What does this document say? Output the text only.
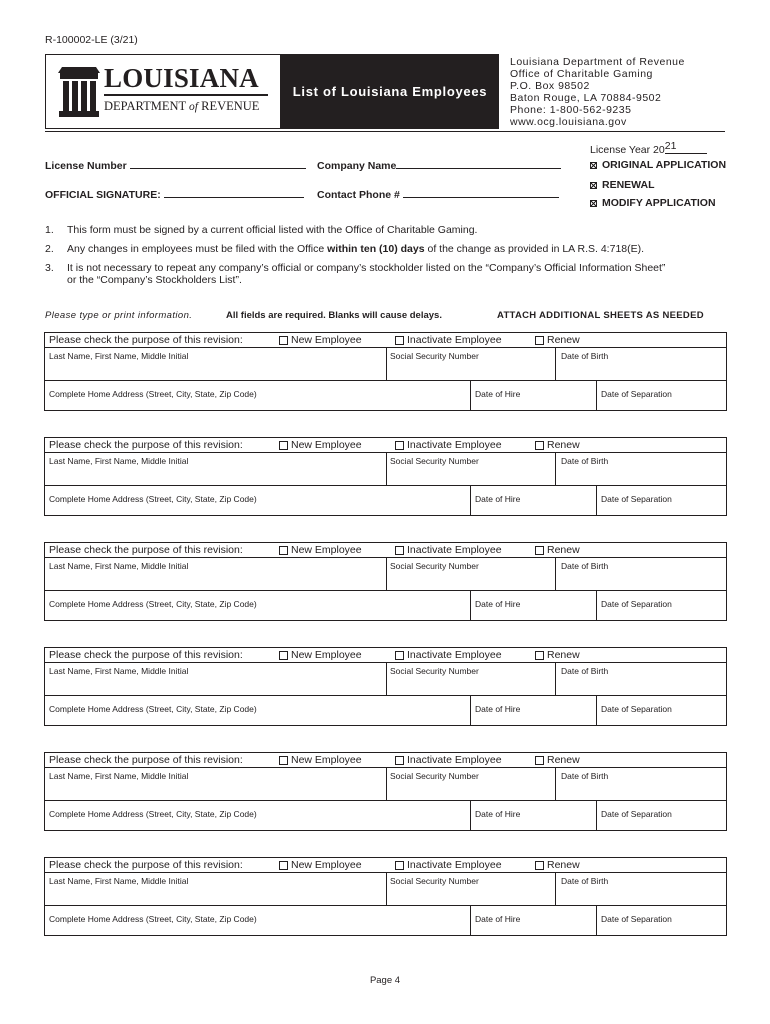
R-100002-LE (3/21)
LOUISIANA
DEPARTMENT of REVENUE
List of Louisiana Employees
Louisiana Department of Revenue
Office of Charitable Gaming
P.O. Box 98502
Baton Rouge, LA 70884-9502
Phone: 1-800-562-9235
www.ocg.louisiana.gov
License Year 2021
License Number	Company Name
OFFICIAL SIGNATURE:	Contact Phone #
ORIGINAL APPLICATION
RENEWAL
MODIFY APPLICATION
1. This form must be signed by a current official listed with the Office of Charitable Gaming.
2. Any changes in employees must be filed with the Office within ten (10) days of the change as provided in LA R.S. 4:718(E).
3. It is not necessary to repeat any company’s official or company’s stockholder listed on the “Company’s Official Information Sheet” or the “Company’s Stockholders List”.
Please type or print information.	All fields are required. Blanks will cause delays.	ATTACH ADDITIONAL SHEETS AS NEEDED
Please check the purpose of this revision:	New Employee	Inactivate Employee	Renew
Last Name, First Name, Middle Initial	Social Security Number	Date of Birth
Complete Home Address (Street, City, State, Zip Code)	Date of Hire	Date of Separation
Please check the purpose of this revision:	New Employee	Inactivate Employee	Renew
Last Name, First Name, Middle Initial	Social Security Number	Date of Birth
Complete Home Address (Street, City, State, Zip Code)	Date of Hire	Date of Separation
Please check the purpose of this revision:	New Employee	Inactivate Employee	Renew
Last Name, First Name, Middle Initial	Social Security Number	Date of Birth
Complete Home Address (Street, City, State, Zip Code)	Date of Hire	Date of Separation
Please check the purpose of this revision:	New Employee	Inactivate Employee	Renew
Last Name, First Name, Middle Initial	Social Security Number	Date of Birth
Complete Home Address (Street, City, State, Zip Code)	Date of Hire	Date of Separation
Please check the purpose of this revision:	New Employee	Inactivate Employee	Renew
Last Name, First Name, Middle Initial	Social Security Number	Date of Birth
Complete Home Address (Street, City, State, Zip Code)	Date of Hire	Date of Separation
Please check the purpose of this revision:	New Employee	Inactivate Employee	Renew
Last Name, First Name, Middle Initial	Social Security Number	Date of Birth
Complete Home Address (Street, City, State, Zip Code)	Date of Hire	Date of Separation
Page 4
